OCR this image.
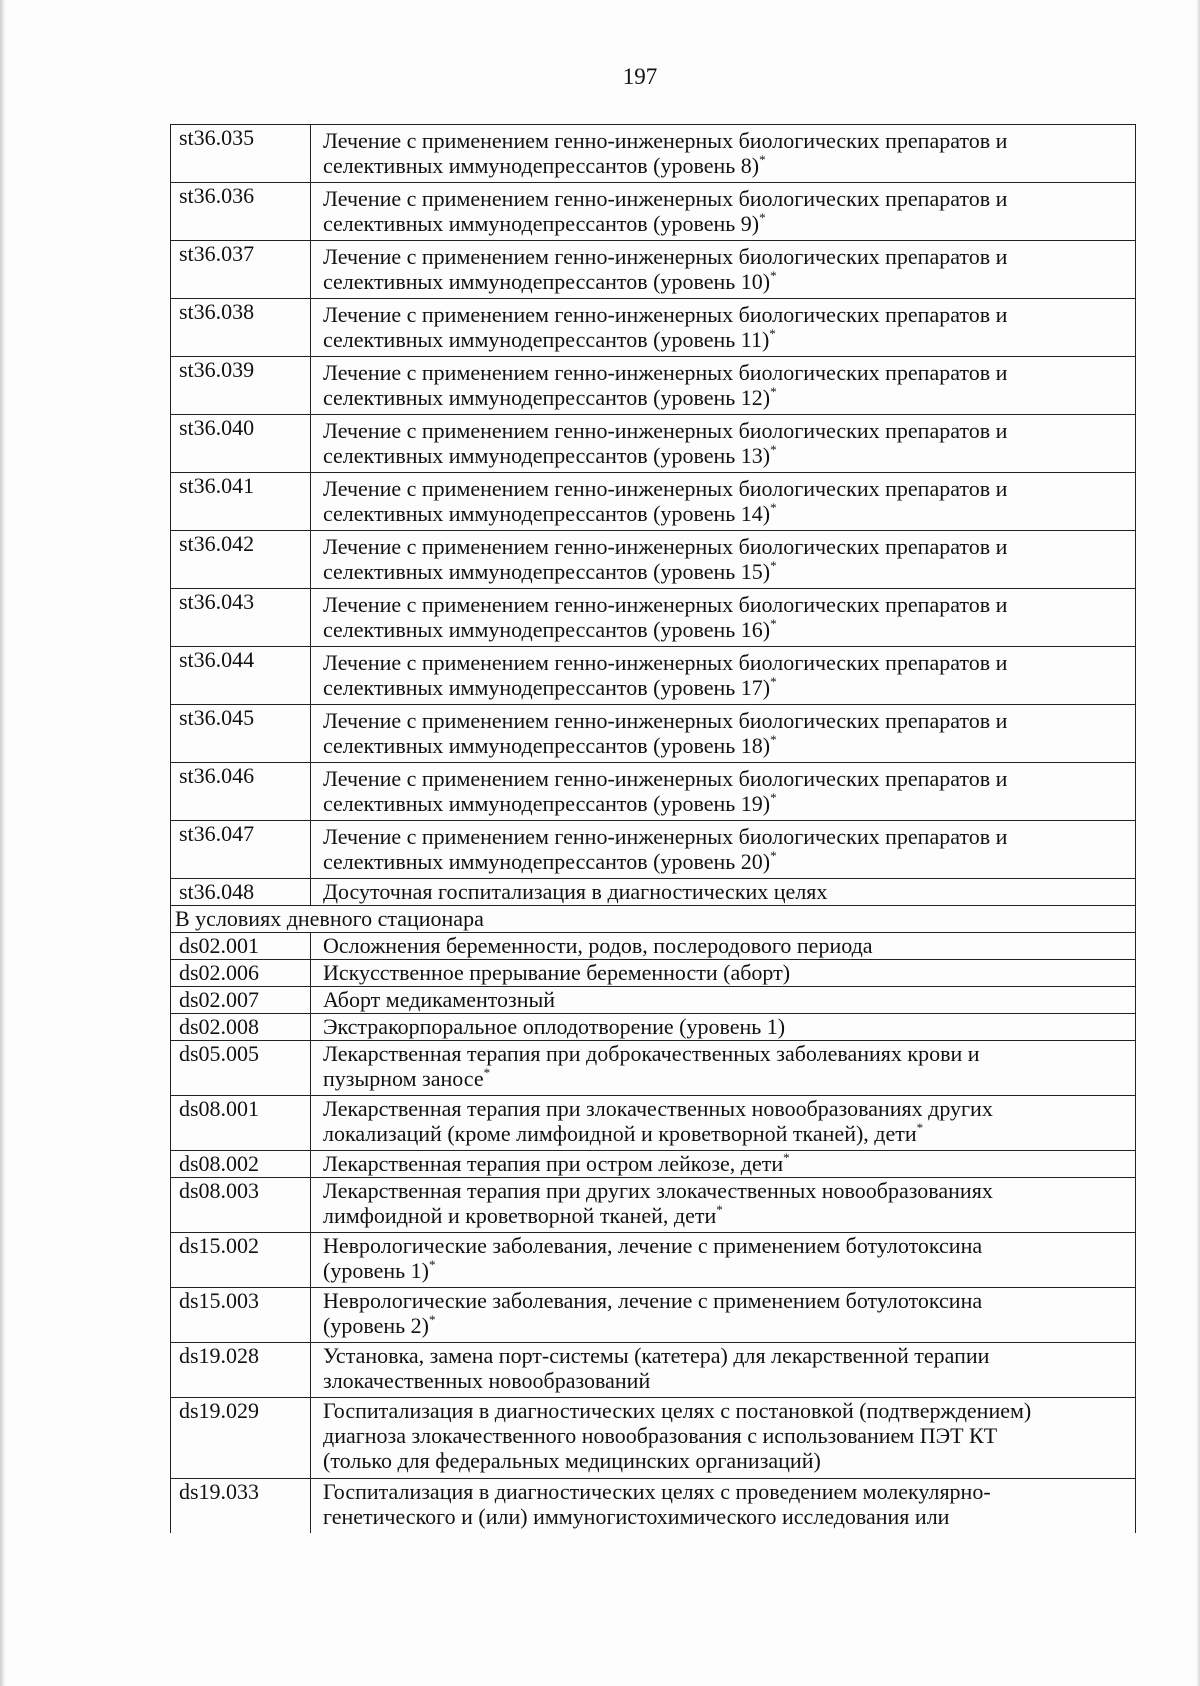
197
st36.035	Лечение с применением генно-инженерных биологических препаратов и
селективных иммунодепрессантов (уровень 8)*
st36.036	Лечение с применением генно-инженерных биологических препаратов и
селективных иммунодепрессантов (уровень 9)*
st36.037	Лечение с применением генно-инженерных биологических препаратов и
селективных иммунодепрессантов (уровень 10)*
st36.038	Лечение с применением генно-инженерных биологических препаратов и
селективных иммунодепрессантов (уровень 11)*
st36.039	Лечение с применением генно-инженерных биологических препаратов и
селективных иммунодепрессантов (уровень 12)*
st36.040	Лечение с применением генно-инженерных биологических препаратов и
селективных иммунодепрессантов (уровень 13)*
st36.041	Лечение с применением генно-инженерных биологических препаратов и
селективных иммунодепрессантов (уровень 14)*
st36.042	Лечение с применением генно-инженерных биологических препаратов и
селективных иммунодепрессантов (уровень 15)*
st36.043	Лечение с применением генно-инженерных биологических препаратов и
селективных иммунодепрессантов (уровень 16)*
st36.044	Лечение с применением генно-инженерных биологических препаратов и
селективных иммунодепрессантов (уровень 17)*
st36.045	Лечение с применением генно-инженерных биологических препаратов и
селективных иммунодепрессантов (уровень 18)*
st36.046	Лечение с применением генно-инженерных биологических препаратов и
селективных иммунодепрессантов (уровень 19)*
st36.047	Лечение с применением генно-инженерных биологических препаратов и
селективных иммунодепрессантов (уровень 20)*
st36.048	Досуточная госпитализация в диагностических целях
В условиях дневного стационара	
ds02.001	Осложнения беременности, родов, послеродового периода
ds02.006	Искусственное прерывание беременности (аборт)
ds02.007	Аборт медикаментозный
ds02.008	Экстракорпоральное оплодотворение (уровень 1)
ds05.005	Лекарственная терапия при доброкачественных заболеваниях крови и
пузырном заносе*
ds08.001	Лекарственная терапия при злокачественных новообразованиях других
локализаций (кроме лимфоидной и кроветворной тканей), дети*
ds08.002	Лекарственная терапия при остром лейкозе, дети*
ds08.003	Лекарственная терапия при других злокачественных новообразованиях
лимфоидной и кроветворной тканей, дети*
ds15.002	Неврологические заболевания, лечение с применением ботулотоксина
(уровень 1)*
ds15.003	Неврологические заболевания, лечение с применением ботулотоксина
(уровень 2)*
ds19.028	Установка, замена порт-системы (катетера) для лекарственной терапии
злокачественных новообразований
ds19.029	Госпитализация в диагностических целях с постановкой (подтверждением)
диагноза злокачественного новообразования с использованием ПЭТ КТ
(только для федеральных медицинских организаций)
ds19.033	Госпитализация в диагностических целях с проведением молекулярно-
генетического и (или) иммуногистохимического исследования или
